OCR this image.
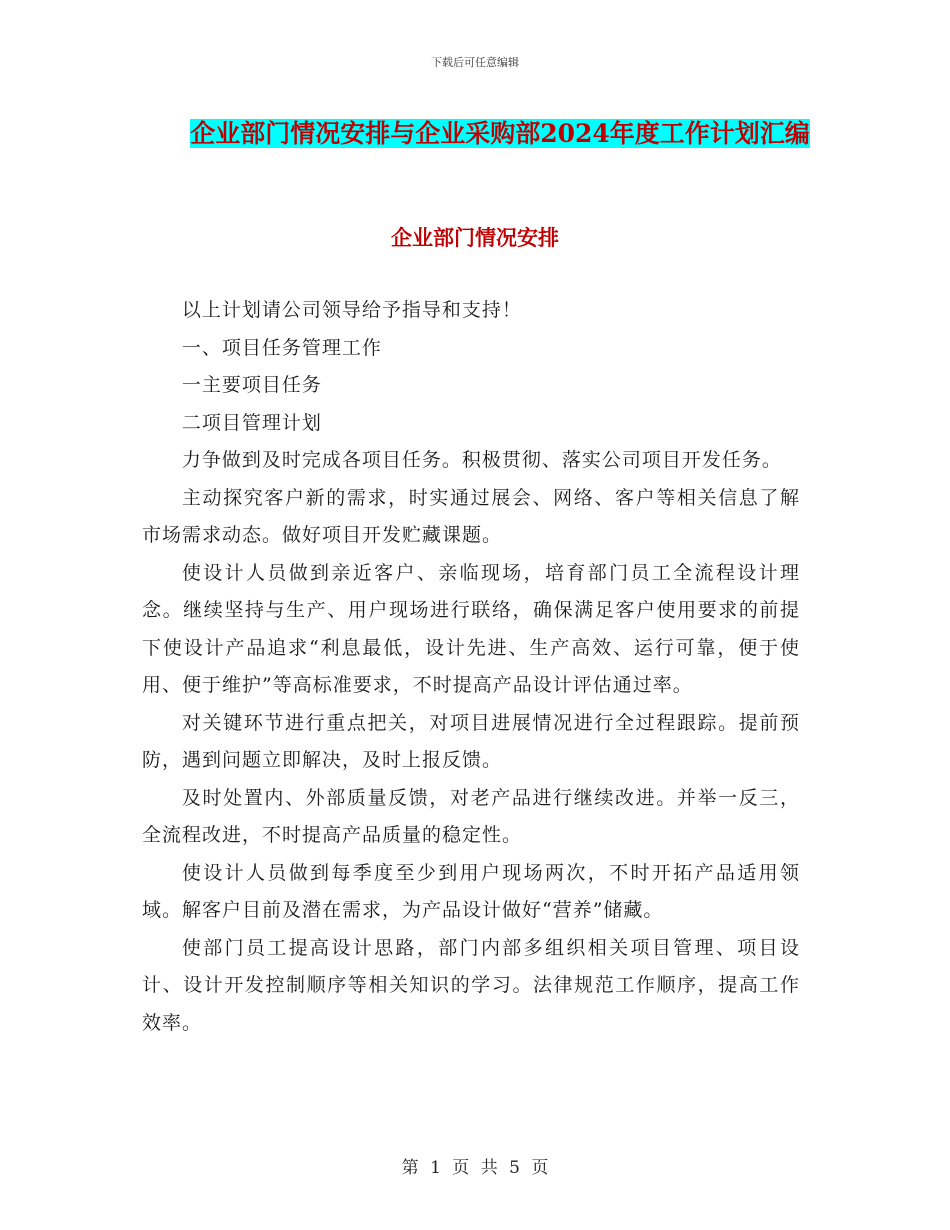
下载后可任意编辑
企业部门情况安排与企业采购部2024年度工作计划汇编
企业部门情况安排

以上计划请公司领导给予指导和支持！

一、项目任务管理工作

一主要项目任务

二项目管理计划

力争做到及时完成各项目任务。积极贯彻、落实公司项目开发任务。

主动探究客户新的需求，时实通过展会、网络、客户等相关信息了解市场需求动态。做好项目开发贮藏课题。

使设计人员做到亲近客户、亲临现场，培育部门员工全流程设计理念。继续坚持与生产、用户现场进行联络，确保满足客户使用要求的前提下使设计产品追求“利息最低，设计先进、生产高效、运行可靠，便于使用、便于维护”等高标准要求，不时提高产品设计评估通过率。

对关键环节进行重点把关，对项目进展情况进行全过程跟踪。提前预防，遇到问题立即解决，及时上报反馈。

及时处置内、外部质量反馈，对老产品进行继续改进。并举一反三，全流程改进，不时提高产品质量的稳定性。

使设计人员做到每季度至少到用户现场两次，不时开拓产品适用领域。解客户目前及潜在需求，为产品设计做好“营养”储藏。

使部门员工提高设计思路，部门内部多组织相关项目管理、项目设计、设计开发控制顺序等相关知识的学习。法律规范工作顺序，提高工作效率。

第 1 页 共 5 页
